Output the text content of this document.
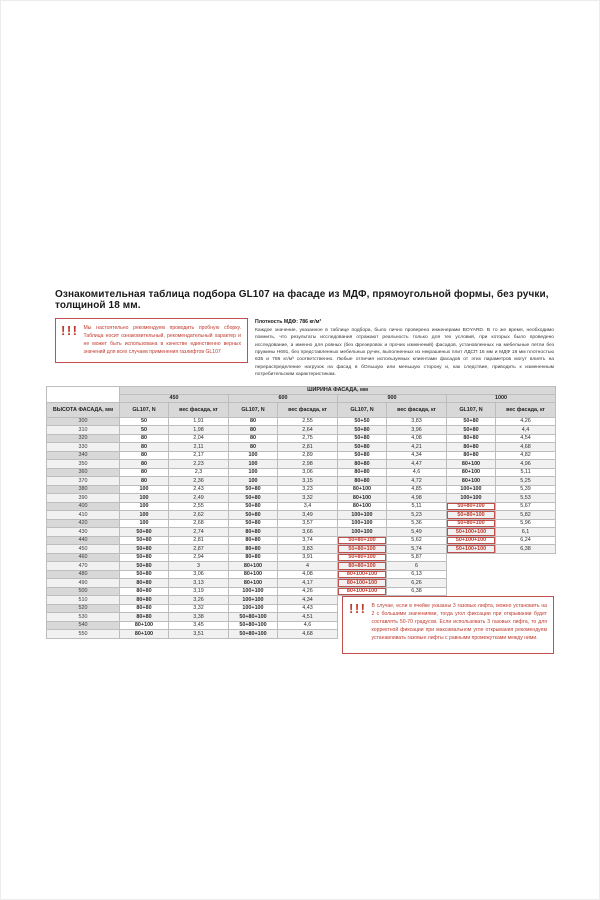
Ознакомительная таблица подбора GL107 на фасаде из МДФ, прямоугольной формы, без ручки, толщиной 18 мм.
!!! Мы настоятельно рекомендуем проводить пробную сборку. Таблица носит ознакомительный, рекомендательный характер и не может быть использована в качестве единственно верных значений для всех случаев применения газлифтов GL107
Плотность МДФ: 786 кг/м³
Каждое значение, указанное в таблице подбора, было лично проверено инженерами BOYARD. В то же время, необходимо помнить, что результаты исследования отражают реальность только для тех условий, при которых было проведено исследование, а именно для ровных (без фрезеровок и прочих изменений) фасадов, установленных на мебельные петли без пружины Н691, без представленных мебельных ручек, выполненных из некрашеных плит ЛДСП 16 мм и МДФ 18 мм плотностью 635 и 786 кг/м³ соответственно. Любые отличия используемых клиентами фасадов от этих параметров могут влиять на перераспределение нагрузок на фасад в бОльшую или меньшую сторону и, как следствие, приводить к измененным потребительским характеристикам.
	ШИРИНА ФАСАДА, мм							
	450		600		900		1000	
ВЫСОТА ФАСАДА, мм	GL107, N	вес фасада, кг	GL107, N	вес фасада, кг	GL107, N	вес фасада, кг	GL107, N	вес фасада, кг
300	50	1,91	80	2,55	50+50	3,83	50+80	4,26
310	50	1,98	80	2,64	50+80	3,96	50+80	4,4
320	80	2,04	80	2,75	50+80	4,08	80+80	4,54
330	80	2,11	80	2,81	50+80	4,21	80+80	4,68
340	80	2,17	100	2,89	50+80	4,34	80+80	4,82
350	80	2,23	100	2,98	80+80	4,47	80+100	4,96
360	80	2,3	100	3,06	80+80	4,6	80+100	5,11
370	80	2,36	100	3,15	80+80	4,72	80+100	5,25
380	100	2,43	50+80	3,23	80+100	4,85	100+100	5,39
390	100	2,49	50+80	3,32	80+100	4,98	100+100	5,53
400	100	2,55	50+80	3,4	80+100	5,11	50+80+100	5,67
410	100	2,62	50+80	3,49	100+100	5,23	50+80+100	5,82
420	100	2,68	50+80	3,57	100+100	5,36	50+80+100	5,96
430	50+80	2,74	80+80	3,66	100+100	5,49	50+100+100	6,1
440	50+80	2,81	80+80	3,74	50+80+100	5,62	50+100+100	6,24
450	50+80	2,87	80+80	3,83	50+80+100	5,74	50+100+100	6,38
460	50+80	2,94	80+80	3,91	50+80+100	5,87		
470	50+80	3	80+100	4	80+80+100	6		
480	50+80	3,06	80+100	4,08	80+100+100	6,13		
490	80+80	3,13	80+100	4,17	80+100+100	6,26		
500	80+80	3,19	100+100	4,26	80+100+100	6,38		
510	80+80	3,26	100+100	4,34				
520	80+80	3,32	100+100	4,43				
530	80+80	3,38	50+80+100	4,51				
540	80+100	3,45	50+80+100	4,6				
550	80+100	3,51	50+80+100	4,68				
!!! В случае, если в ячейке указаны 3 газовых лифта, можно установить на 2 с большими значениями, тогда угол фиксации при открывании будет составлять 50-70 градусов. Если использовать 3 газовых лифта, то для корректной фиксации при максимальном угле открывания рекомендуем устанавливать газовые лифты с равными промежутками между ними.
